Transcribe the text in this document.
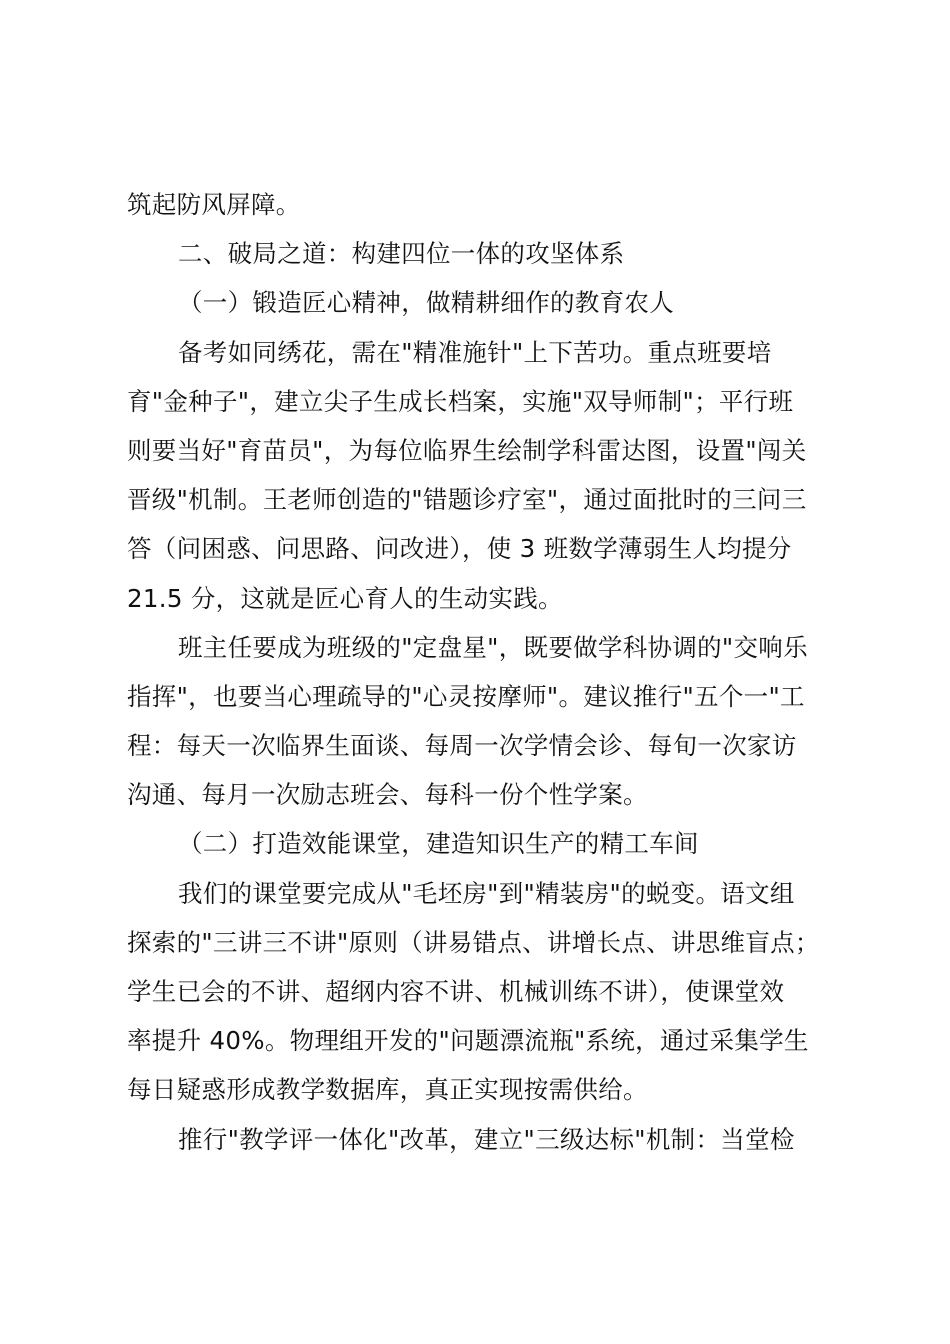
筑起防风屏障。
二、破局之道：构建四位一体的攻坚体系
（一）锻造匠心精神，做精耕细作的教育农人
备考如同绣花，需在"精准施针"上下苦功。重点班要培
育"金种子"，建立尖子生成长档案，实施"双导师制"；平行班
则要当好"育苗员"，为每位临界生绘制学科雷达图，设置"闯关
晋级"机制。王老师创造的"错题诊疗室"，通过面批时的三问三
答（问困惑、问思路、问改进），使 3 班数学薄弱生人均提分
21.5 分，这就是匠心育人的生动实践。
班主任要成为班级的"定盘星"，既要做学科协调的"交响乐
指挥"，也要当心理疏导的"心灵按摩师"。建议推行"五个一"工
程：每天一次临界生面谈、每周一次学情会诊、每旬一次家访
沟通、每月一次励志班会、每科一份个性学案。
（二）打造效能课堂，建造知识生产的精工车间
我们的课堂要完成从"毛坯房"到"精装房"的蜕变。语文组
探索的"三讲三不讲"原则（讲易错点、讲增长点、讲思维盲点；
学生已会的不讲、超纲内容不讲、机械训练不讲），使课堂效
率提升 40%。物理组开发的"问题漂流瓶"系统，通过采集学生
每日疑惑形成教学数据库，真正实现按需供给。
推行"教学评一体化"改革，建立"三级达标"机制：当堂检
